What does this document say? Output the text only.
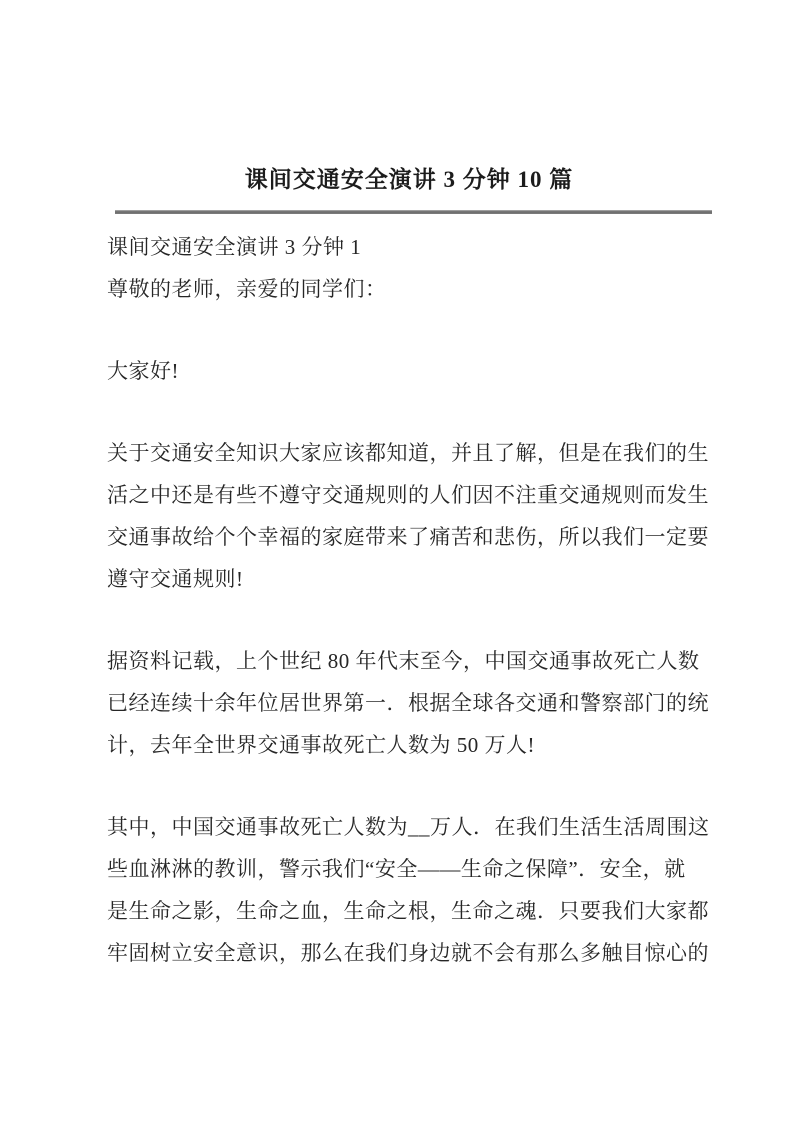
课间交通安全演讲 3 分钟 10 篇
课间交通安全演讲 3 分钟 1
尊敬的老师，亲爱的同学们：
大家好!
关于交通安全知识大家应该都知道，并且了解，但是在我们的生
活之中还是有些不遵守交通规则的人们因不注重交通规则而发生
交通事故给个个幸福的家庭带来了痛苦和悲伤，所以我们一定要
遵守交通规则!
据资料记载，上个世纪 80 年代末至今，中国交通事故死亡人数
已经连续十余年位居世界第一．根据全球各交通和警察部门的统
计，去年全世界交通事故死亡人数为 50 万人!
其中，中国交通事故死亡人数为__万人．在我们生活生活周围这
些血淋淋的教训，警示我们“安全——生命之保障”．安全，就
是生命之影，生命之血，生命之根，生命之魂．只要我们大家都
牢固树立安全意识，那么在我们身边就不会有那么多触目惊心的
